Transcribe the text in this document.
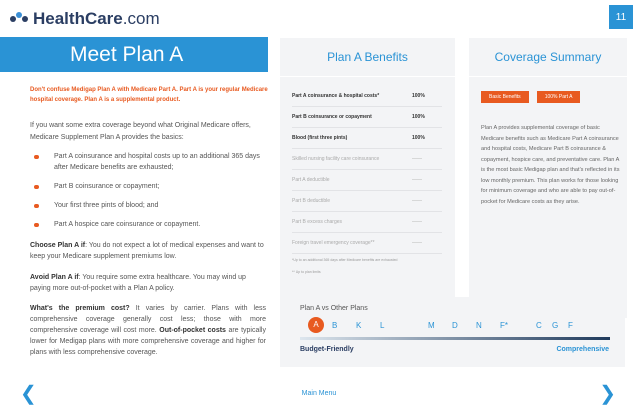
HealthCare .com	11
Meet Plan A
Don't confuse Medigap Plan A with Medicare Part A. Part A is your regular Medicare hospital coverage. Plan A is a supplemental product.
If you want some extra coverage beyond what Original Medicare offers, Medicare Supplement Plan A provides the basics:
Part A coinsurance and hospital costs up to an additional 365 days after Medicare benefits are exhausted;
Part B coinsurance or copayment;
Your first three pints of blood; and
Part A hospice care coinsurance or copayment.
Choose Plan A if: You do not expect a lot of medical expenses and want to keep your Medicare supplement premiums low.
Avoid Plan A if: You require some extra healthcare. You may wind up paying more out-of-pocket with a Plan A policy.
What's the premium cost? It varies by carrier. Plans with less comprehensive coverage generally cost less; those with more comprehensive coverage will cost more. Out-of-pocket costs are typically lower for Medigap plans with more comprehensive coverage and higher for plans with less comprehensive coverage.
Plan A Benefits
Part A coinsurance & hospital costs*	100%
Part B coinsurance or copayment	100%
Blood (first three pints)	100%
Skilled nursing facility care coinsurance	——
Part A deductible	——
Part B deductible	——
Part B excess charges	——
Foreign travel emergency coverage**	——
*Up to an additional 365 days after Medicare benefits are exhausted
** Up to plan limits
Coverage Summary
Basic Benefits	100% Part A
Plan A provides supplemental coverage of basic Medicare benefits such as Medicare Part A coinsurance and hospital costs, Medicare Part B coinsurance & copayment, hospice care, and preventative care. Plan A is the most basic Medigap plan and that's reflected in its low monthly premium. This plan works for those looking for minimum coverage and who are able to pay out-of-pocket for Medicare costs as they arise.
Plan A vs Other Plans
A	B K L	M D N F*	C G F
Budget-Friendly	Comprehensive
❮	Main Menu	❯
